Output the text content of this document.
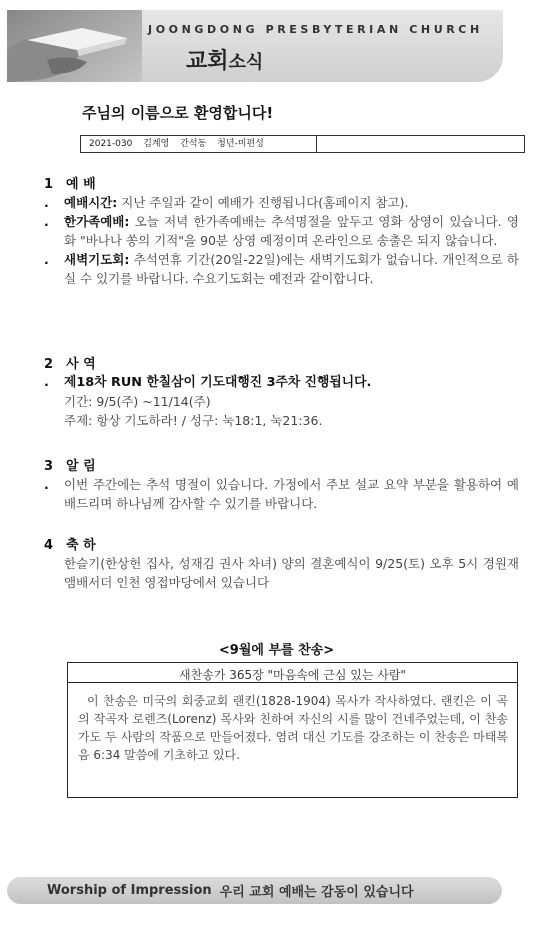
JOONGDONG PRESBYTERIAN CHURCH
교회소식
주님의 이름으로 환영합니다!
2021-030 김계영 간석동 청년-미편성
1 예 배
. 예배시간: 지난 주일과 같이 예배가 진행됩니다(홈페이지 참고).
. 한가족예배: 오늘 저녁 한가족예배는 추석명절을 앞두고 영화 상영이 있습니다. 영화 "바나나 쏭의 기적"을 90분 상영 예정이며 온라인으로 송출은 되지 않습니다.
. 새벽기도회: 추석연휴 기간(20일-22일)에는 새벽기도회가 없습니다. 개인적으로 하실 수 있기를 바랍니다. 수요기도회는 예전과 같이합니다.
2 사 역
. 제18차 RUN 한칠삼이 기도대행진 3주차 진행됩니다.
기간: 9/5(주) ~11/14(주)
주제: 항상 기도하라! / 성구: 눅18:1, 눅21:36.
3 알 림
. 이번 주간에는 추석 명절이 있습니다. 가정에서 주보 설교 요약 부분을 활용하여 예배드리며 하나님께 감사할 수 있기를 바랍니다.
4 축 하
한슬기(한상헌 집사, 성재김 권사 차녀) 양의 결혼예식이 9/25(토) 오후 5시 경원재 앰배서더 인천 영접마당에서 있습니다
<9월에 부를 찬송>
새찬송가 365장 "마음속에 근심 있는 사람"
이 찬송은 미국의 회중교회 랜킨(1828-1904) 목사가 작사하였다. 랜킨은 이 곡의 작곡자 로렌즈(Lorenz) 목사와 친하여 자신의 시를 많이 건네주었는데, 이 찬송가도 두 사람의 작품으로 만들어졌다. 염려 대신 기도를 강조하는 이 찬송은 마태복음 6:34 말씀에 기초하고 있다.
Worship of Impression 우리 교회 예배는 감동이 있습니다
